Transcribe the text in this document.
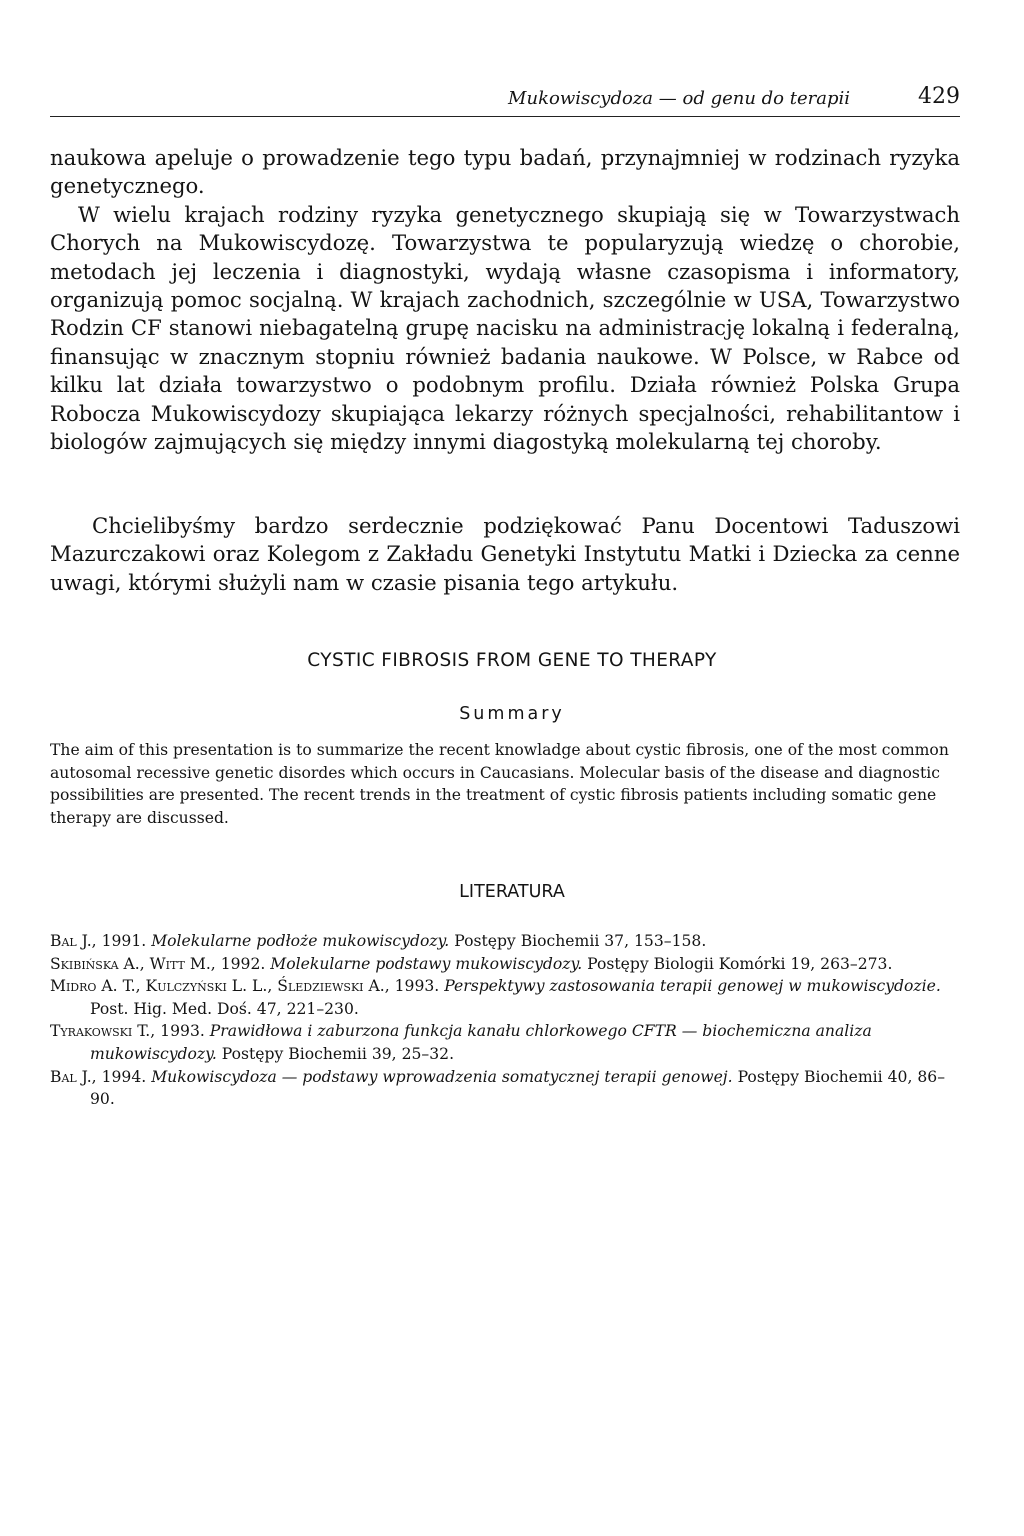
Mukowiscydoza — od genu do terapii	429

naukowa apeluje o prowadzenie tego typu badań, przynajmniej w rodzinach ryzyka genetycznego.

W wielu krajach rodziny ryzyka genetycznego skupiają się w Towarzystwach Chorych na Mukowiscydozę. Towarzystwa te popularyzują wiedzę o chorobie, metodach jej leczenia i diagnostyki, wydają własne czasopisma i informatory, organizują pomoc socjalną. W krajach zachodnich, szczególnie w USA, Towarzystwo Rodzin CF stanowi niebagatelną grupę nacisku na administrację lokalną i federalną, finansując w znacznym stopniu również badania naukowe. W Polsce, w Rabce od kilku lat działa towarzystwo o podobnym profilu. Działa również Polska Grupa Robocza Mukowiscydozy skupiająca lekarzy różnych specjalności, rehabilitantow i biologów zajmujących się między innymi diagostyką molekularną tej choroby.

Chcielibyśmy bardzo serdecznie podziękować Panu Docentowi Taduszowi Mazurczakowi oraz Kolegom z Zakładu Genetyki Instytutu Matki i Dziecka za cenne uwagi, którymi służyli nam w czasie pisania tego artykułu.

CYSTIC FIBROSIS FROM GENE TO THERAPY
Summary

The aim of this presentation is to summarize the recent knowladge about cystic fibrosis, one of the most common autosomal recessive genetic disordes which occurs in Caucasians. Molecular basis of the disease and diagnostic possibilities are presented. The recent trends in the treatment of cystic fibrosis patients including somatic gene therapy are discussed.

LITERATURA
Bal J., 1991. Molekularne podłoże mukowiscydozy. Postępy Biochemii 37, 153–158.
Skibińska A., Witt M., 1992. Molekularne podstawy mukowiscydozy. Postępy Biologii Komórki 19, 263–273.
Midro A. T., Kulczyński L. L., Śledziewski A., 1993. Perspektywy zastosowania terapii genowej w mukowiscydozie. Post. Hig. Med. Doś. 47, 221–230.
Tyrakowski T., 1993. Prawidłowa i zaburzona funkcja kanału chlorkowego CFTR — biochemiczna analiza mukowiscydozy. Postępy Biochemii 39, 25–32.
Bal J., 1994. Mukowiscydoza — podstawy wprowadzenia somatycznej terapii genowej. Postępy Biochemii 40, 86–90.
